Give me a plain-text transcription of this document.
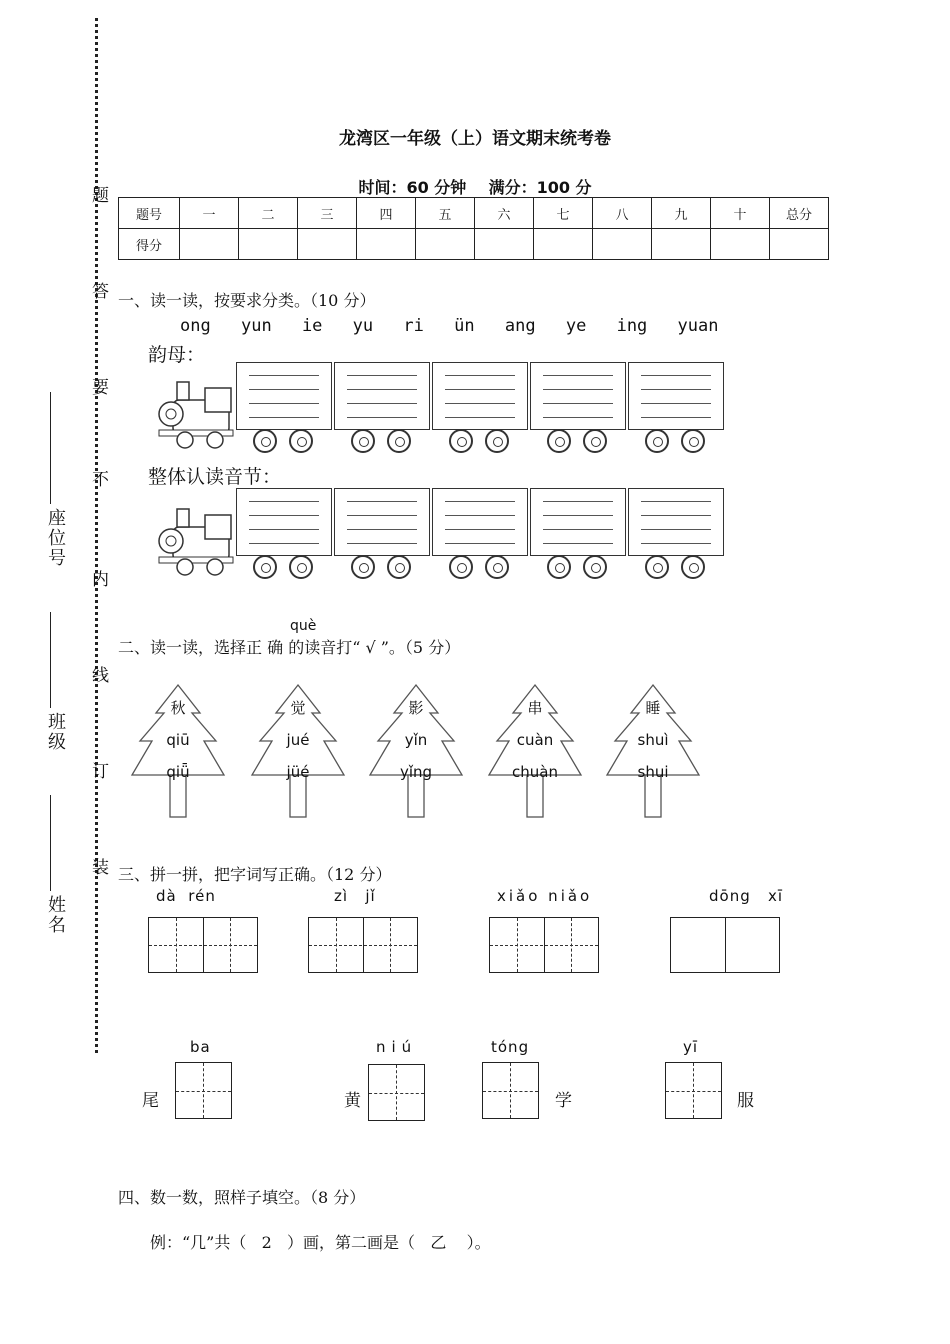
题
答
要
不
内
线
订
装
座位号
班级
姓名
龙湾区一年级（上）语文期末统考卷
时间：60 分钟    满分：100 分
题号	一	二	三	四	五	六	七	八	九	十	总分
得分											
一、读一读，按要求分类。（10 分）
ong yun ie yu ri ün ang ye ing yuan
韵母：
整体认读音节：
què
二、读一读，选择正 确 的读音打“ √ ”。（5 分）
秋
qiū
qiǖ
觉
jué
jüé
影
yǐn
yǐng
串
cuàn
chuàn
睡
shuì
shui
三、拼一拼，把字词写正确。（12 分）
dà  rén	zì   jǐ	xiǎo niǎo	dōng   xī
ba
尾
niú
黄
tóng
学
yī
服
四、数一数，照样子填空。（8 分）
例：“几”共（   2   ）画，第二画是（   乙    ）。
